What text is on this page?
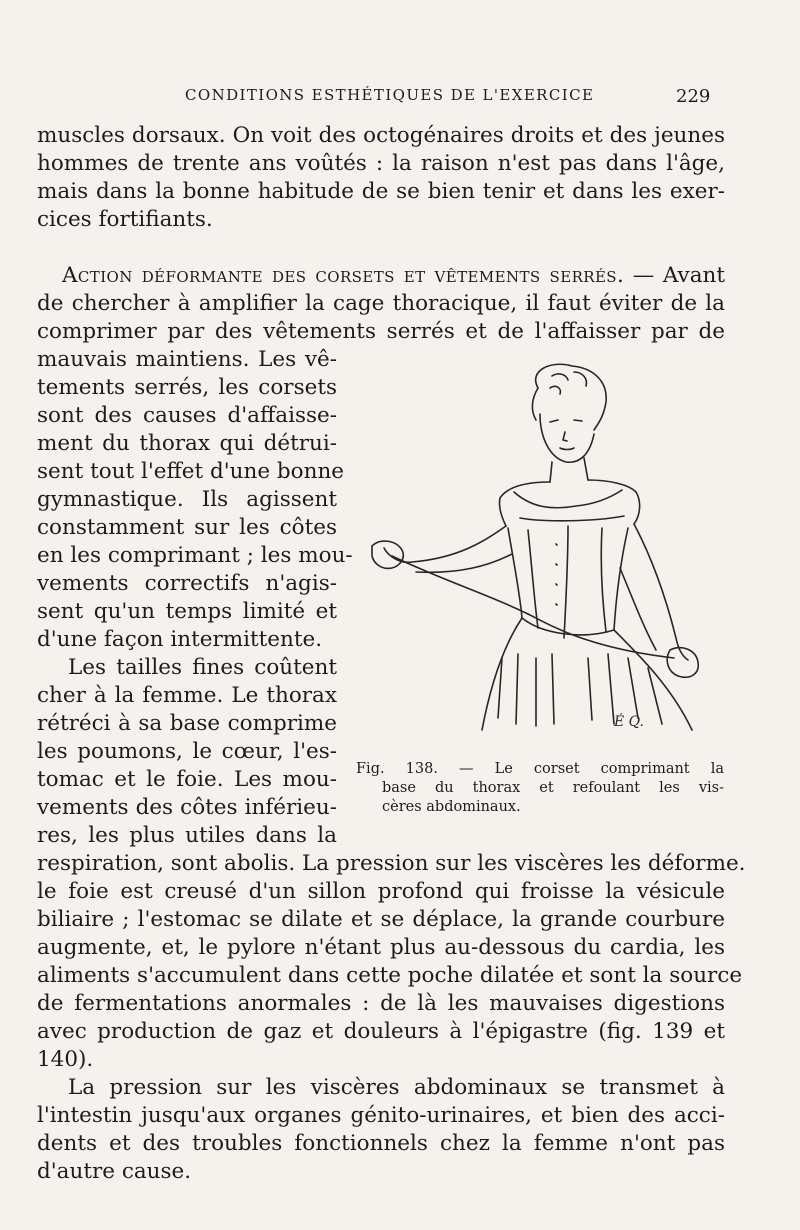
CONDITIONS ESTHÉTIQUES DE L'EXERCICE	229
muscles dorsaux. On voit des octogénaires droits et des jeunes
hommes de trente ans voûtés : la raison n'est pas dans l'âge,
mais dans la bonne habitude de se bien tenir et dans les exer-
cices fortifiants.
Action déformante des corsets et vêtements serrés. — Avant
de chercher à amplifier la cage thoracique, il faut éviter de la
comprimer par des vêtements serrés et de l'affaisser par de
mauvais maintiens. Les vê-
tements serrés, les corsets
sont des causes d'affaisse-
ment du thorax qui détrui-
sent tout l'effet d'une bonne
gymnastique. Ils agissent
constamment sur les côtes
en les comprimant ; les mou-
vements correctifs n'agis-
sent qu'un temps limité et
d'une façon intermittente.
Les tailles fines coûtent
cher à la femme. Le thorax
rétréci à sa base comprime
les poumons, le cœur, l'es-
tomac et le foie. Les mou-
vements des côtes inférieu-
res, les plus utiles dans la
respiration, sont abolis. La pression sur les viscères les déforme.
le foie est creusé d'un sillon profond qui froisse la vésicule
biliaire ; l'estomac se dilate et se déplace, la grande courbure
augmente, et, le pylore n'étant plus au-dessous du cardia, les
aliments s'accumulent dans cette poche dilatée et sont la source
de fermentations anormales : de là les mauvaises digestions
avec production de gaz et douleurs à l'épigastre (fig. 139 et
140).
La pression sur les viscères abdominaux se transmet à
l'intestin jusqu'aux organes génito-urinaires, et bien des acci-
dents et des troubles fonctionnels chez la femme n'ont pas
d'autre cause.
É Q.
Fig. 138. — Le corset comprimant la
base du thorax et refoulant les vis-
cères abdominaux.
